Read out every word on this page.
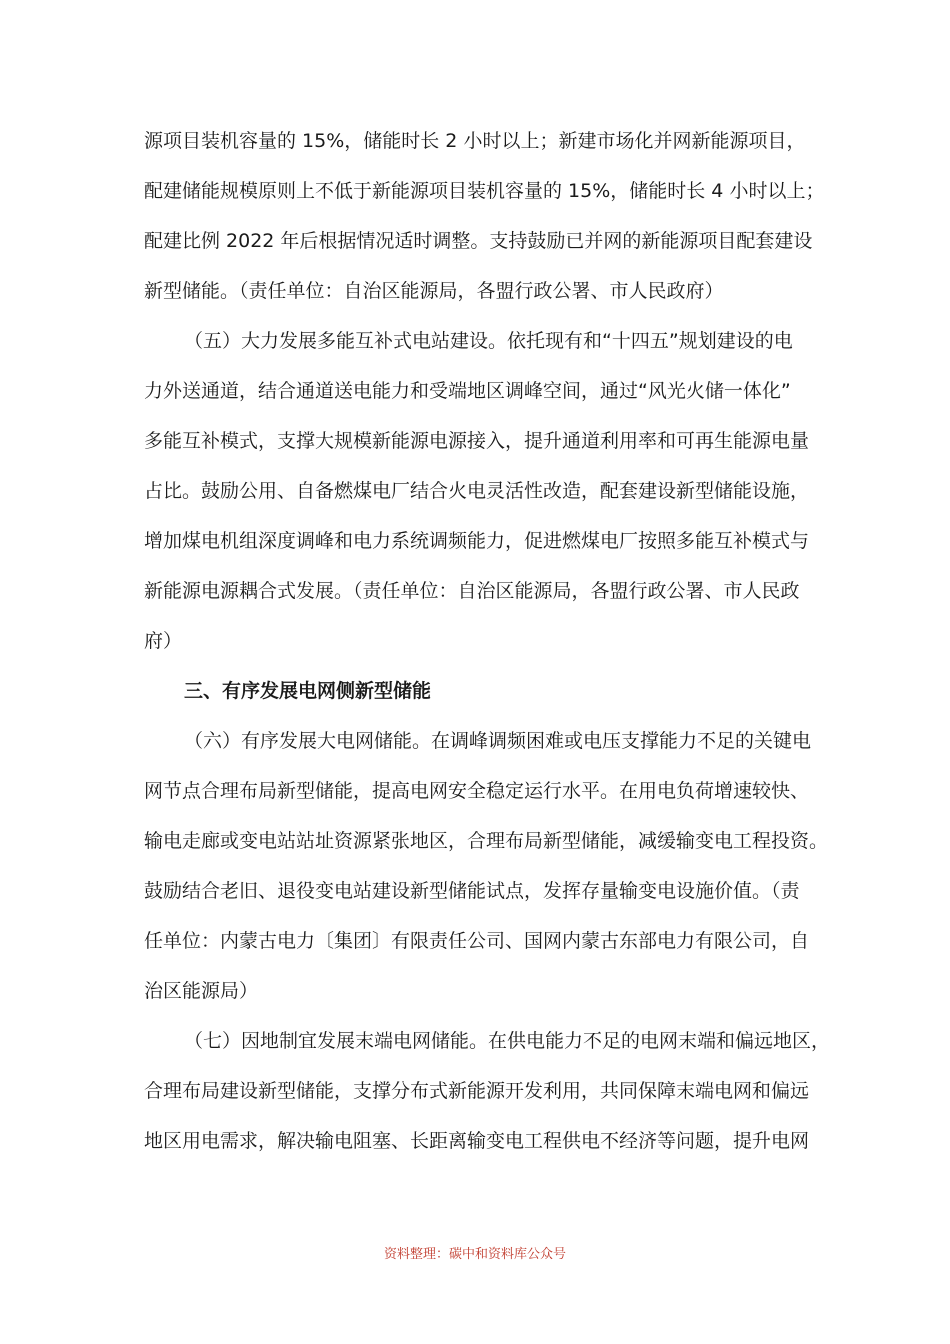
源项目装机容量的 15%，储能时长 2 小时以上；新建市场化并网新能源项目，
配建储能规模原则上不低于新能源项目装机容量的 15%，储能时长 4 小时以上；
配建比例 2022 年后根据情况适时调整。支持鼓励已并网的新能源项目配套建设
新型储能。（责任单位：自治区能源局，各盟行政公署、市人民政府）
（五）大力发展多能互补式电站建设。依托现有和“十四五”规划建设的电
力外送通道，结合通道送电能力和受端地区调峰空间，通过“风光火储一体化”
多能互补模式，支撑大规模新能源电源接入，提升通道利用率和可再生能源电量
占比。鼓励公用、自备燃煤电厂结合火电灵活性改造，配套建设新型储能设施，
增加煤电机组深度调峰和电力系统调频能力，促进燃煤电厂按照多能互补模式与
新能源电源耦合式发展。（责任单位：自治区能源局，各盟行政公署、市人民政
府）
三、有序发展电网侧新型储能
（六）有序发展大电网储能。在调峰调频困难或电压支撑能力不足的关键电
网节点合理布局新型储能，提高电网安全稳定运行水平。在用电负荷增速较快、
输电走廊或变电站站址资源紧张地区，合理布局新型储能，减缓输变电工程投资。
鼓励结合老旧、退役变电站建设新型储能试点，发挥存量输变电设施价值。（责
任单位：内蒙古电力〔集团〕有限责任公司、国网内蒙古东部电力有限公司，自
治区能源局）
（七）因地制宜发展末端电网储能。在供电能力不足的电网末端和偏远地区，
合理布局建设新型储能，支撑分布式新能源开发利用，共同保障末端电网和偏远
地区用电需求，解决输电阻塞、长距离输变电工程供电不经济等问题，提升电网
资料整理：碳中和资料库公众号
